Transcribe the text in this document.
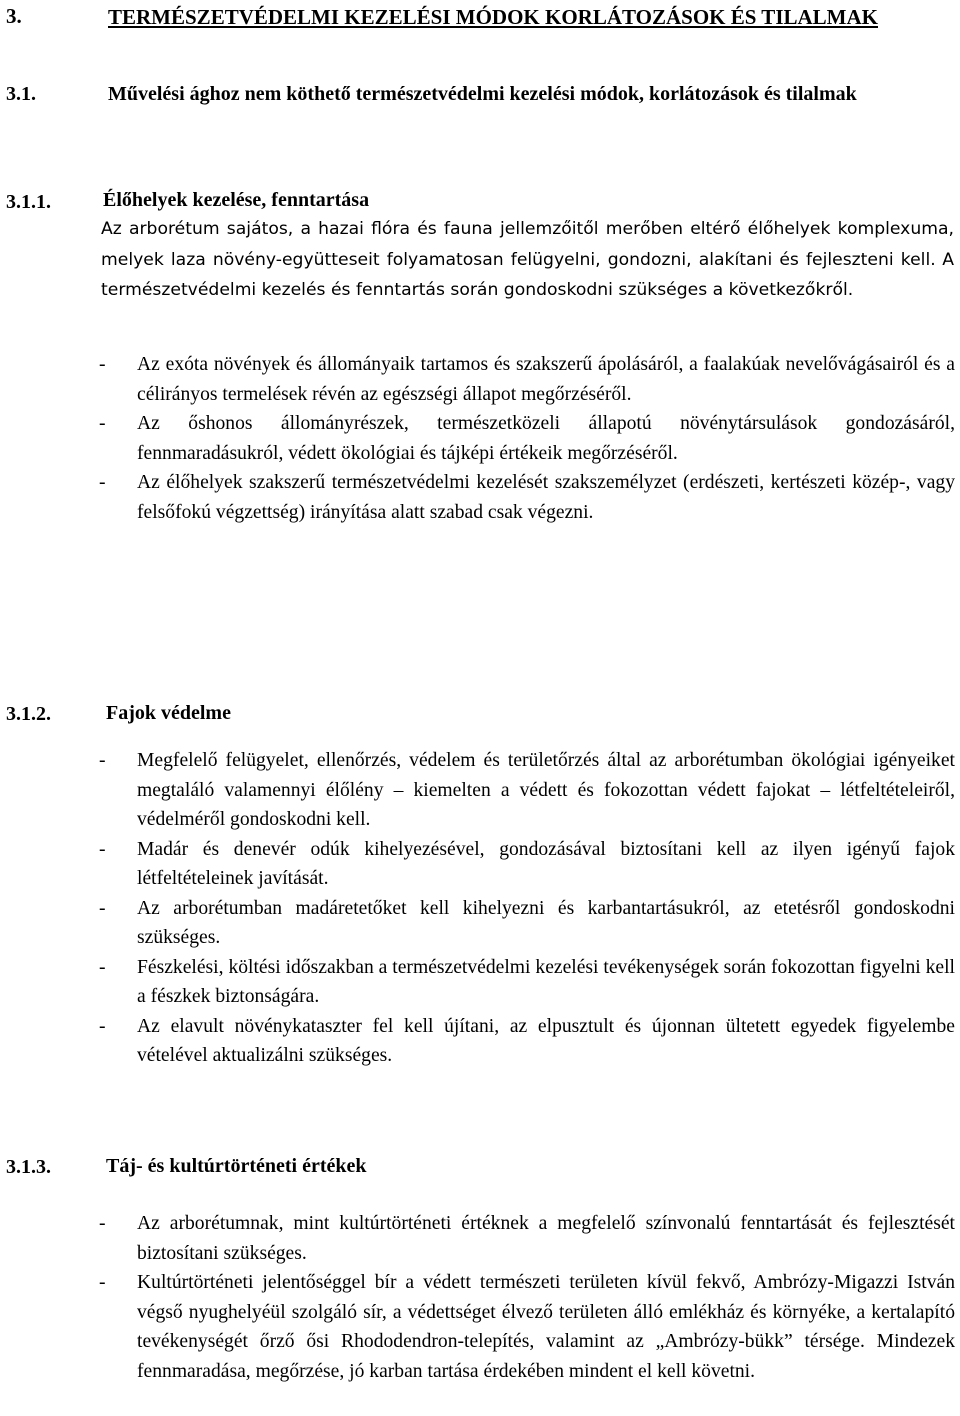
3.	TERMÉSZETVÉDELMI KEZELÉSI MÓDOK KORLÁTOZÁSOK ÉS TILALMAK
3.1.	Művelési ághoz nem köthető természetvédelmi kezelési módok, korlátozások és tilalmak
3.1.1.	Élőhelyek kezelése, fenntartása
Az arborétum sajátos, a hazai flóra és fauna jellemzőitől merőben eltérő élőhelyek komplexuma, melyek laza növény-együtteseit folyamatosan felügyelni, gondozni, alakítani és fejleszteni kell. A természetvédelmi kezelés és fenntartás során gondoskodni szükséges a következőkről.
- Az exóta növények és állományaik tartamos és szakszerű ápolásáról, a faalakúak nevelővágásairól és a célirányos termelések révén az egészségi állapot megőrzéséről.
- Az őshonos állományrészek, természetközeli állapotú növénytársulások gondozásáról, fennmaradásukról, védett ökológiai és tájképi értékeik megőrzéséről.
- Az élőhelyek szakszerű természetvédelmi kezelését szakszemélyzet (erdészeti, kertészeti közép-, vagy felsőfokú végzettség) irányítása alatt szabad csak végezni.
3.1.2.	Fajok védelme
- Megfelelő felügyelet, ellenőrzés, védelem és területőrzés által az arborétumban ökológiai igényeiket megtaláló valamennyi élőlény – kiemelten a védett és fokozottan védett fajokat – létfeltételeiről, védelméről gondoskodni kell.
- Madár és denevér odúk kihelyezésével, gondozásával biztosítani kell az ilyen igényű fajok létfeltételeinek javítását.
- Az arborétumban madáretetőket kell kihelyezni és karbantartásukról, az etetésről gondoskodni szükséges.
- Fészkelési, költési időszakban a természetvédelmi kezelési tevékenységek során fokozottan figyelni kell a fészkek biztonságára.
- Az elavult növénykataszter fel kell újítani, az elpusztult és újonnan ültetett egyedek figyelembe vételével aktualizálni szükséges.
3.1.3.	Táj- és kultúrtörténeti értékek
- Az arborétumnak, mint kultúrtörténeti értéknek a megfelelő színvonalú fenntartását és fejlesztését biztosítani szükséges.
- Kultúrtörténeti jelentőséggel bír a védett természeti területen kívül fekvő, Ambrózy-Migazzi István végső nyughelyéül szolgáló sír, a védettséget élvező területen álló emlékház és környéke, a kertalapító tevékenységét őrző ősi Rhododendron-telepítés, valamint az „Ambrózy-bükk” térsége. Mindezek fennmaradása, megőrzése, jó karban tartása érdekében mindent el kell követni.
